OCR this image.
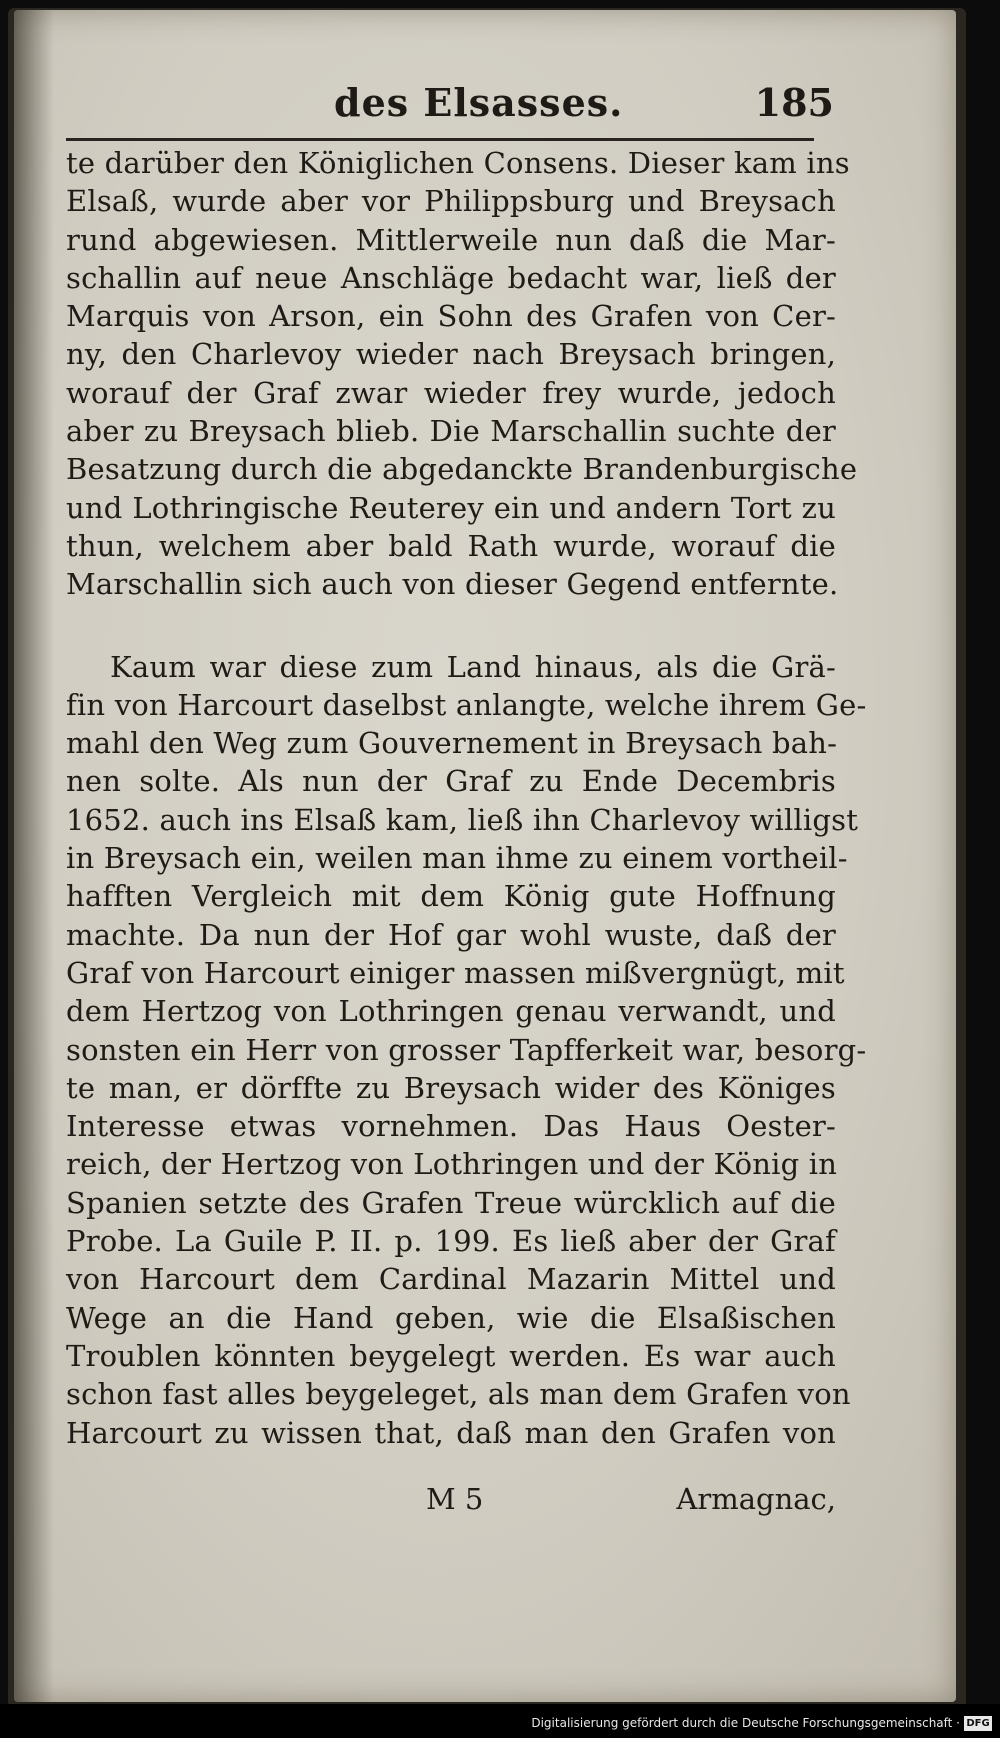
des Elsasses.	185
te darüber den Königlichen Consens. Dieser kam ins
Elsaß, wurde aber vor Philippsburg und Breysach
rund abgewiesen. Mittlerweile nun daß die Mar-
schallin auf neue Anschläge bedacht war, ließ der
Marquis von Arson, ein Sohn des Grafen von Cer-
ny, den Charlevoy wieder nach Breysach bringen,
worauf der Graf zwar wieder frey wurde, jedoch
aber zu Breysach blieb. Die Marschallin suchte der
Besatzung durch die abgedanckte Brandenburgische
und Lothringische Reuterey ein und andern Tort zu
thun, welchem aber bald Rath wurde, worauf die
Marschallin sich auch von dieser Gegend entfernte.
Kaum war diese zum Land hinaus, als die Grä-
fin von Harcourt daselbst anlangte, welche ihrem Ge-
mahl den Weg zum Gouvernement in Breysach bah-
nen solte. Als nun der Graf zu Ende Decembris
1652. auch ins Elsaß kam, ließ ihn Charlevoy willigst
in Breysach ein, weilen man ihme zu einem vortheil-
hafften Vergleich mit dem König gute Hoffnung
machte. Da nun der Hof gar wohl wuste, daß der
Graf von Harcourt einiger massen mißvergnügt, mit
dem Hertzog von Lothringen genau verwandt, und
sonsten ein Herr von grosser Tapfferkeit war, besorg-
te man, er dörffte zu Breysach wider des Königes
Interesse etwas vornehmen. Das Haus Oester-
reich, der Hertzog von Lothringen und der König in
Spanien setzte des Grafen Treue würcklich auf die
Probe. La Guile P. II. p. 199. Es ließ aber der Graf
von Harcourt dem Cardinal Mazarin Mittel und
Wege an die Hand geben, wie die Elsaßischen
Troublen könnten beygelegt werden. Es war auch
schon fast alles beygeleget, als man dem Grafen von
Harcourt zu wissen that, daß man den Grafen von
M 5	Armagnac,
Digitalisierung gefördert durch die Deutsche Forschungsgemeinschaft · DFG
